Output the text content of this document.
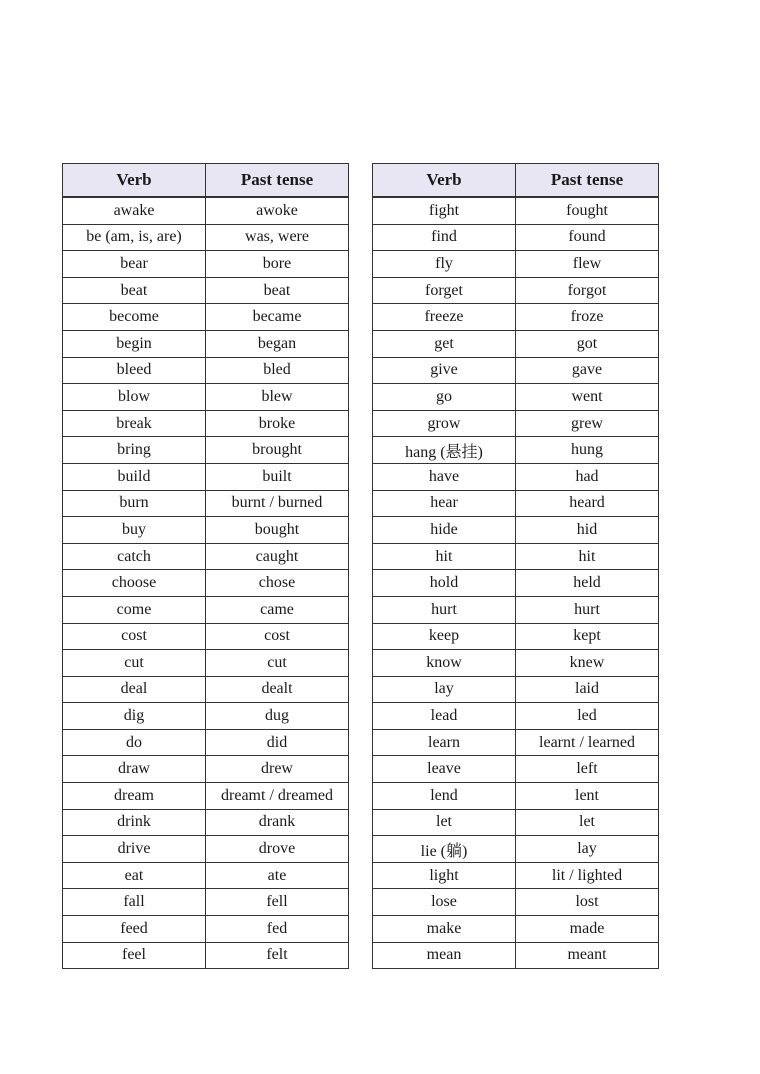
Verb	Past tense
awake	awoke
be (am, is, are)	was, were
bear	bore
beat	beat
become	became
begin	began
bleed	bled
blow	blew
break	broke
bring	brought
build	built
burn	burnt / burned
buy	bought
catch	caught
choose	chose
come	came
cost	cost
cut	cut
deal	dealt
dig	dug
do	did
draw	drew
dream	dreamt / dreamed
drink	drank
drive	drove
eat	ate
fall	fell
feed	fed
feel	felt
Verb	Past tense
fight	fought
find	found
fly	flew
forget	forgot
freeze	froze
get	got
give	gave
go	went
grow	grew
hang (悬挂)	hung
have	had
hear	heard
hide	hid
hit	hit
hold	held
hurt	hurt
keep	kept
know	knew
lay	laid
lead	led
learn	learnt / learned
leave	left
lend	lent
let	let
lie (躺)	lay
light	lit / lighted
lose	lost
make	made
mean	meant
